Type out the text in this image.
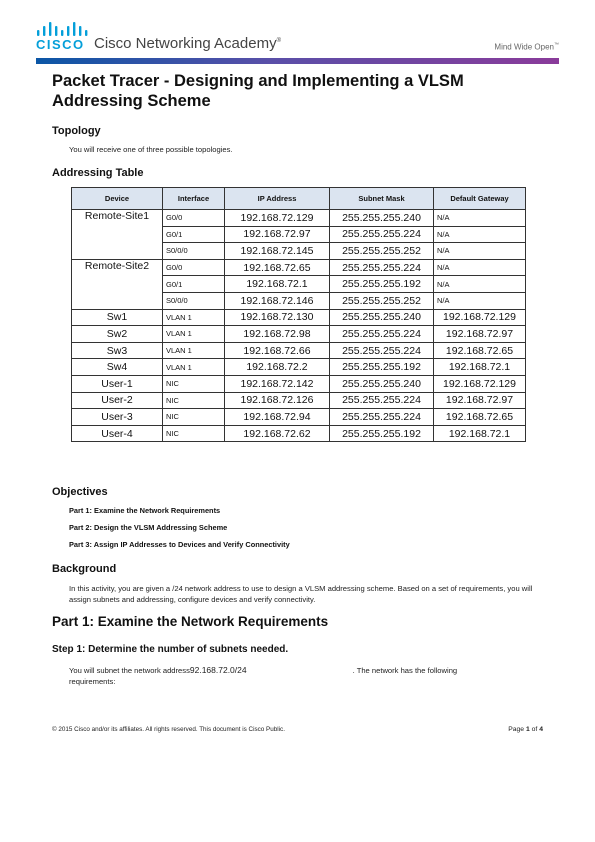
CISCO Cisco Networking Academy®
Mind Wide Open™
Packet Tracer - Designing and Implementing a VLSM Addressing Scheme
Topology
You will receive one of three possible topologies.
Addressing Table
Device	Interface	IP Address	Subnet Mask	Default Gateway
Remote-Site1	G0/0	192.168.72.129	255.255.255.240	N/A
	G0/1	192.168.72.97	255.255.255.224	N/A
	S0/0/0	192.168.72.145	255.255.255.252	N/A
Remote-Site2	G0/0	192.168.72.65	255.255.255.224	N/A
	G0/1	192.168.72.1	255.255.255.192	N/A
	S0/0/0	192.168.72.146	255.255.255.252	N/A
Sw1	VLAN 1	192.168.72.130	255.255.255.240	192.168.72.129
Sw2	VLAN 1	192.168.72.98	255.255.255.224	192.168.72.97
Sw3	VLAN 1	192.168.72.66	255.255.255.224	192.168.72.65
Sw4	VLAN 1	192.168.72.2	255.255.255.192	192.168.72.1
User-1	NIC	192.168.72.142	255.255.255.240	192.168.72.129
User-2	NIC	192.168.72.126	255.255.255.224	192.168.72.97
User-3	NIC	192.168.72.94	255.255.255.224	192.168.72.65
User-4	NIC	192.168.72.62	255.255.255.192	192.168.72.1
Objectives
Part 1: Examine the Network Requirements
Part 2: Design the VLSM Addressing Scheme
Part 3: Assign IP Addresses to Devices and Verify Connectivity
Background
In this activity, you are given a /24 network address to use to design a VLSM addressing scheme. Based on a set of requirements, you will assign subnets and addressing, configure devices and verify connectivity.
Part 1: Examine the Network Requirements
Step 1: Determine the number of subnets needed.
You will subnet the network address92.168.72.0/24	. The network has the following
requirements:
© 2015 Cisco and/or its affiliates. All rights reserved. This document is Cisco Public.	Page 1 of 4
